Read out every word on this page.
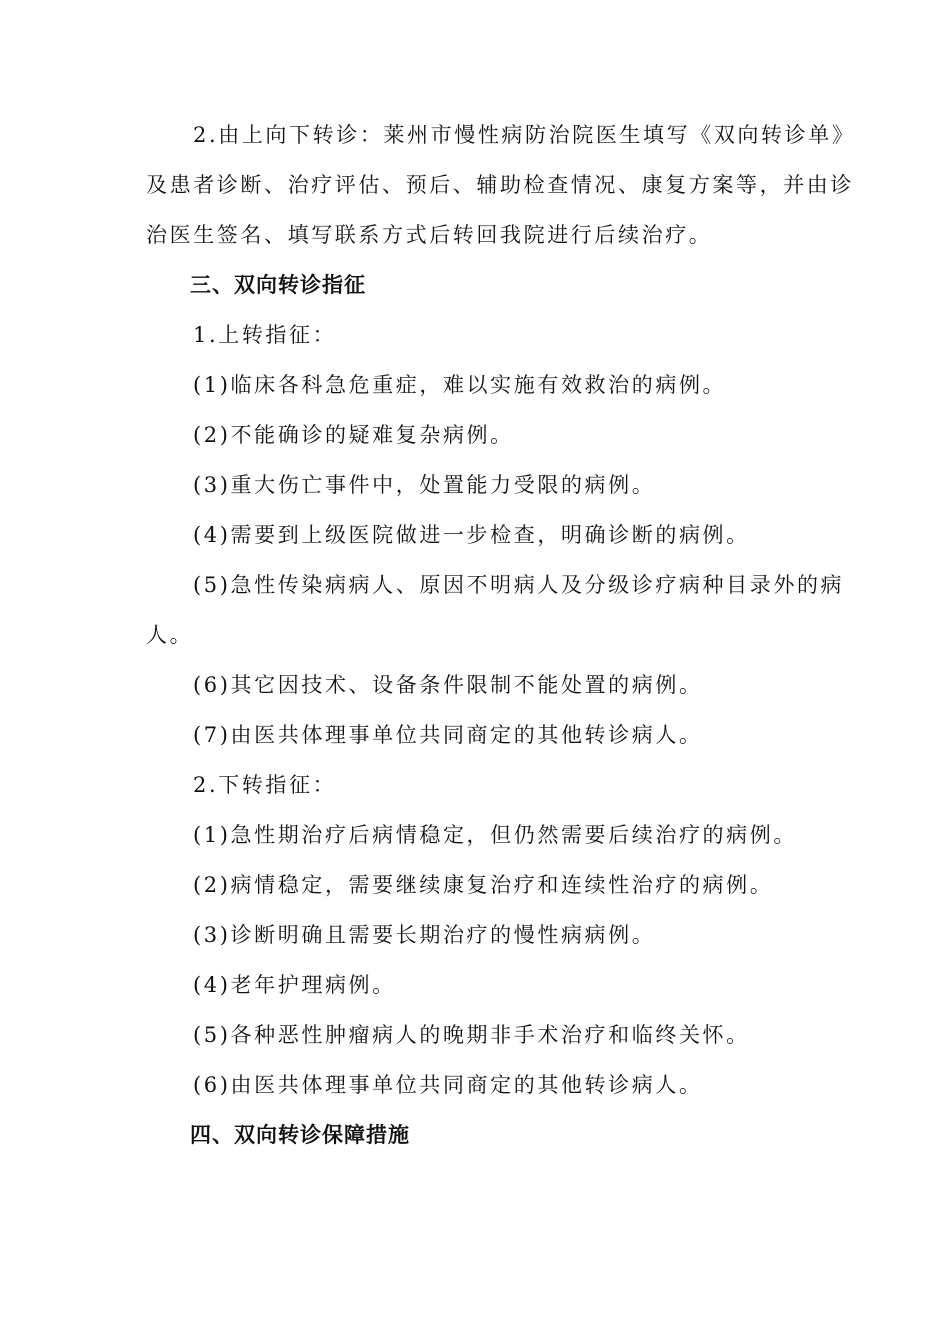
2.由上向下转诊：莱州市慢性病防治院医生填写《双向转诊单》
及患者诊断、治疗评估、预后、辅助检查情况、康复方案等，并由诊
治医生签名、填写联系方式后转回我院进行后续治疗。
三、双向转诊指征
1.上转指征：
(1)临床各科急危重症，难以实施有效救治的病例。
(2)不能确诊的疑难复杂病例。
(3)重大伤亡事件中，处置能力受限的病例。
(4)需要到上级医院做进一步检查，明确诊断的病例。
(5)急性传染病病人、原因不明病人及分级诊疗病种目录外的病
人。
(6)其它因技术、设备条件限制不能处置的病例。
(7)由医共体理事单位共同商定的其他转诊病人。
2.下转指征：
(1)急性期治疗后病情稳定，但仍然需要后续治疗的病例。
(2)病情稳定，需要继续康复治疗和连续性治疗的病例。
(3)诊断明确且需要长期治疗的慢性病病例。
(4)老年护理病例。
(5)各种恶性肿瘤病人的晚期非手术治疗和临终关怀。
(6)由医共体理事单位共同商定的其他转诊病人。
四、双向转诊保障措施
